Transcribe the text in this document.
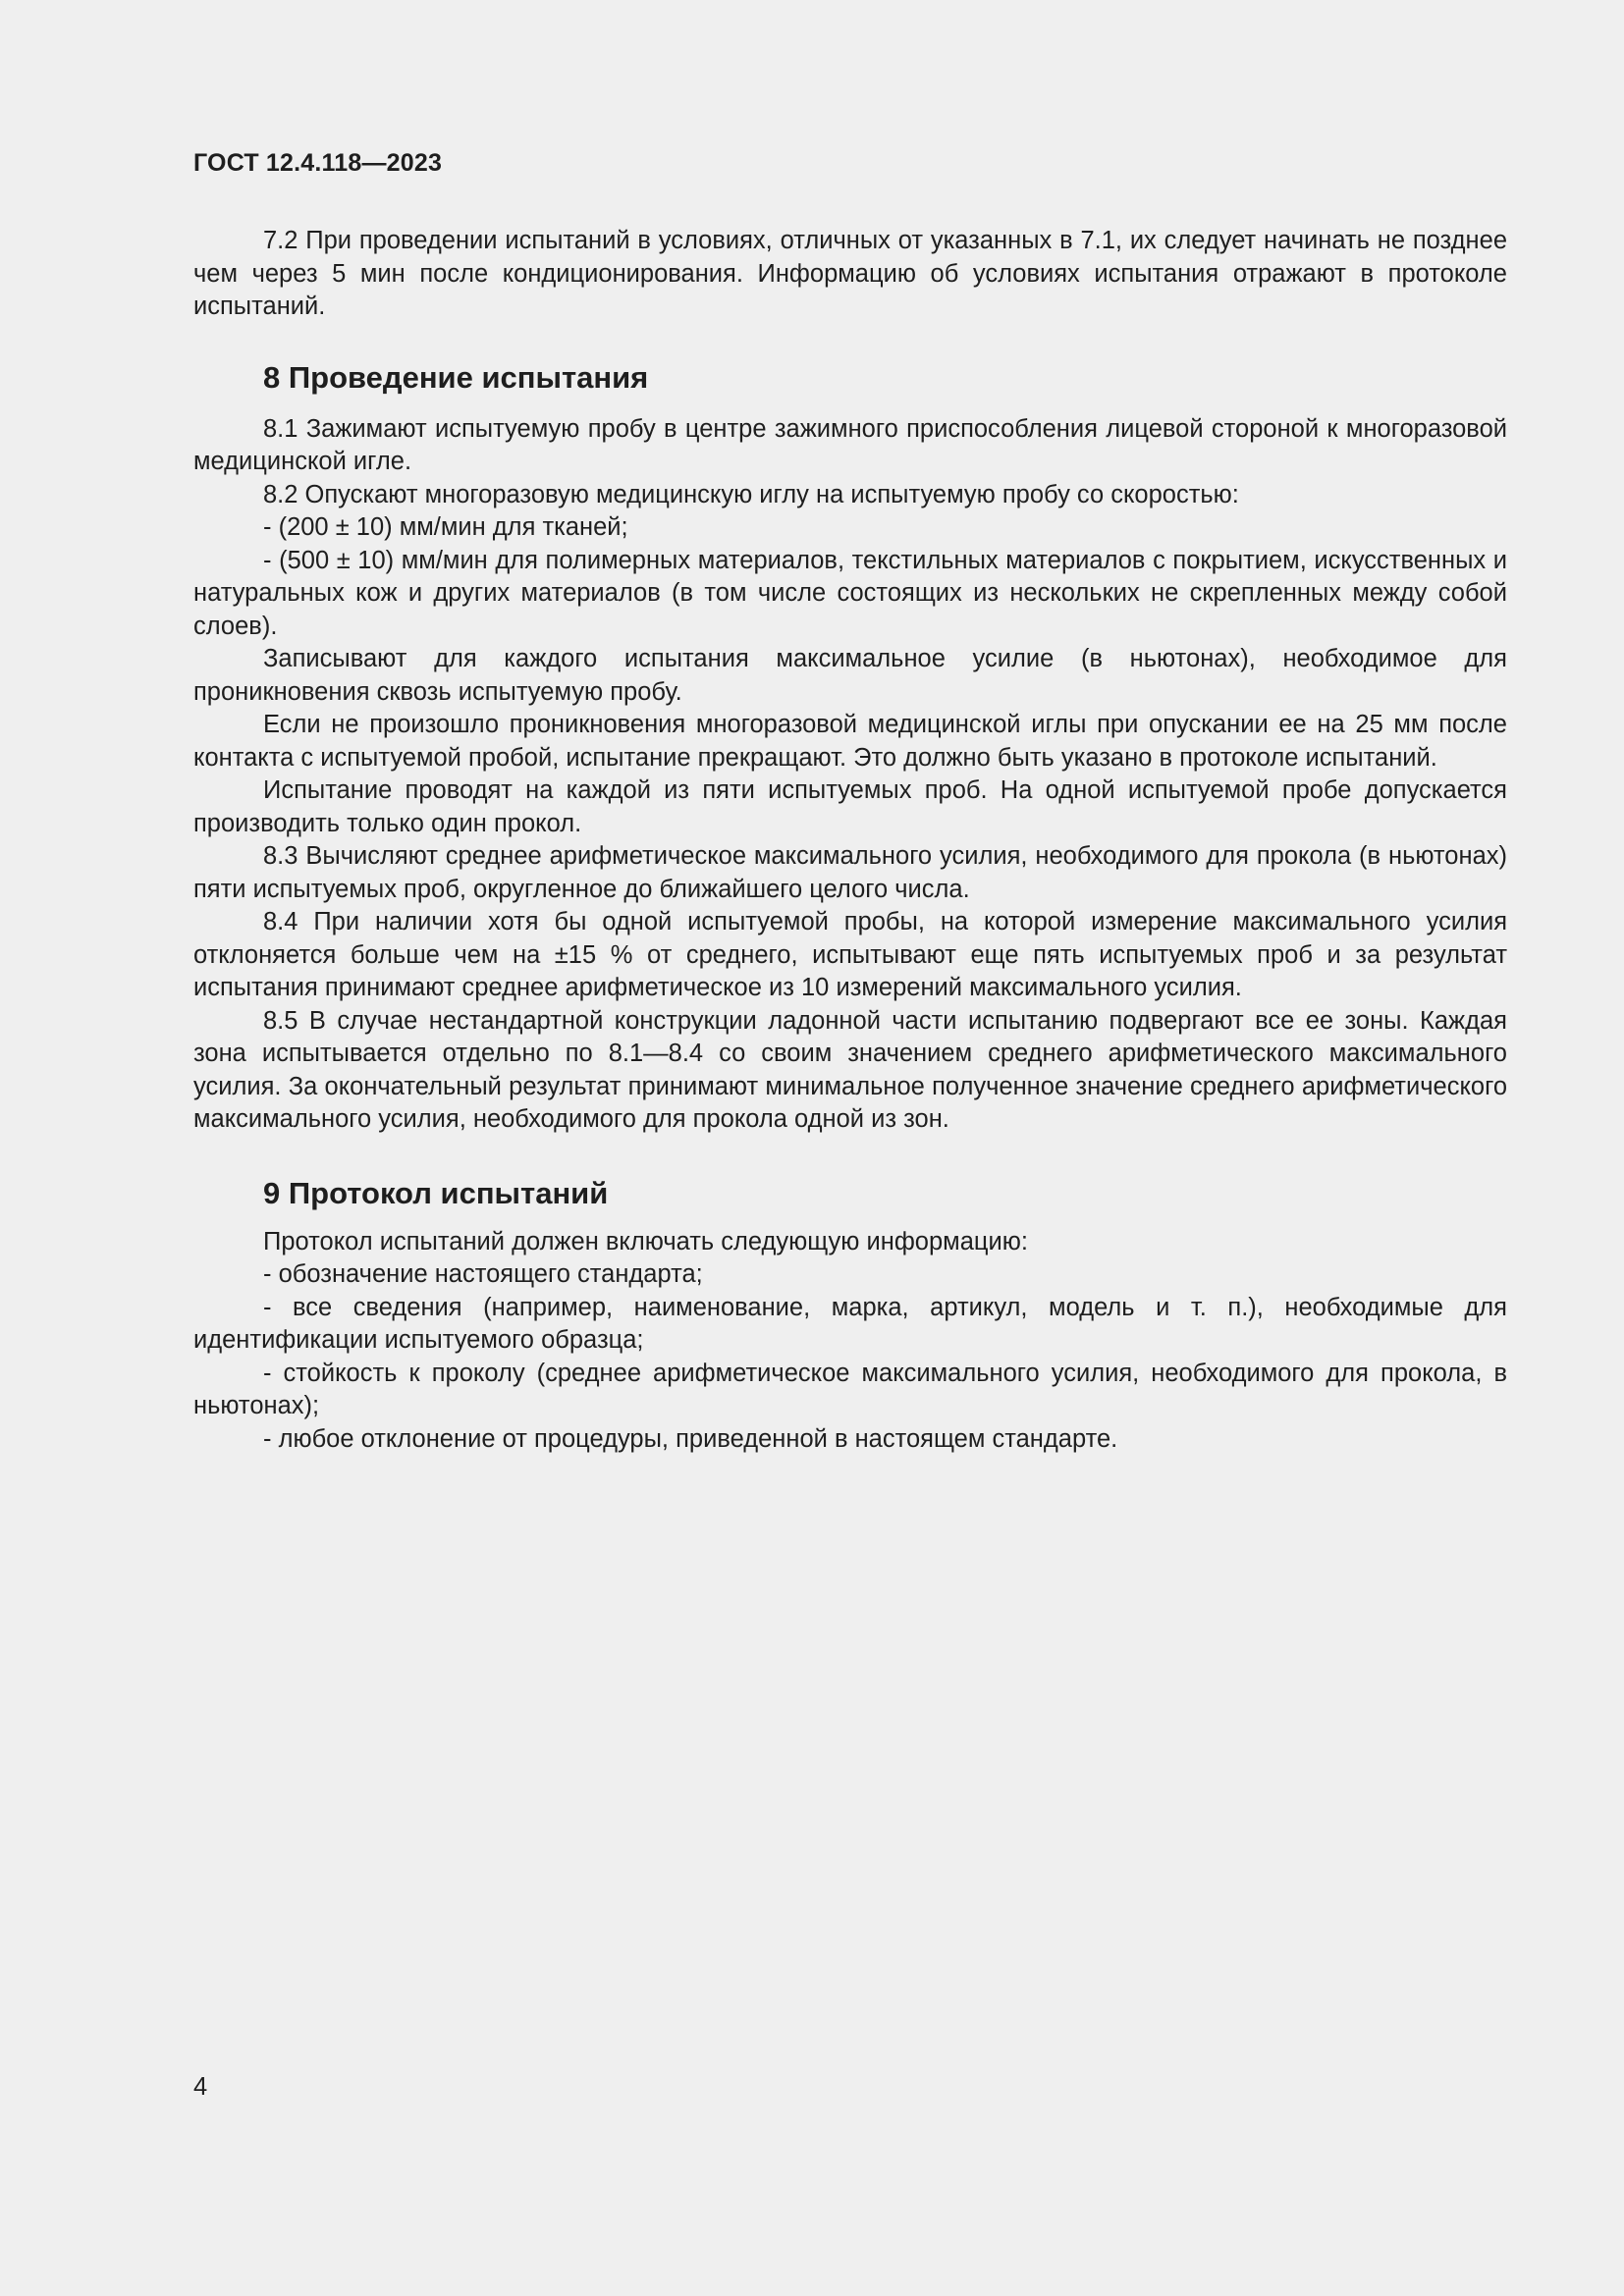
ГОСТ 12.4.118—2023

7.2 При проведении испытаний в условиях, отличных от указанных в 7.1, их следует начинать не позднее чем через 5 мин после кондиционирования. Информацию об условиях испытания отражают в протоколе испытаний.

8 Проведение испытания

8.1 Зажимают испытуемую пробу в центре зажимного приспособления лицевой стороной к многоразовой медицинской игле.

8.2 Опускают многоразовую медицинскую иглу на испытуемую пробу со скоростью:

- (200 ± 10) мм/мин для тканей;

- (500 ± 10) мм/мин для полимерных материалов, текстильных материалов с покрытием, искусственных и натуральных кож и других материалов (в том числе состоящих из нескольких не скрепленных между собой слоев).

Записывают для каждого испытания максимальное усилие (в ньютонах), необходимое для проникновения сквозь испытуемую пробу.

Если не произошло проникновения многоразовой медицинской иглы при опускании ее на 25 мм после контакта с испытуемой пробой, испытание прекращают. Это должно быть указано в протоколе испытаний.

Испытание проводят на каждой из пяти испытуемых проб. На одной испытуемой пробе допускается производить только один прокол.

8.3 Вычисляют среднее арифметическое максимального усилия, необходимого для прокола (в ньютонах) пяти испытуемых проб, округленное до ближайшего целого числа.

8.4 При наличии хотя бы одной испытуемой пробы, на которой измерение максимального усилия отклоняется больше чем на ±15 % от среднего, испытывают еще пять испытуемых проб и за результат испытания принимают среднее арифметическое из 10 измерений максимального усилия.

8.5 В случае нестандартной конструкции ладонной части испытанию подвергают все ее зоны. Каждая зона испытывается отдельно по 8.1—8.4 со своим значением среднего арифметического максимального усилия. За окончательный результат принимают минимальное полученное значение среднего арифметического максимального усилия, необходимого для прокола одной из зон.

9 Протокол испытаний

Протокол испытаний должен включать следующую информацию:

- обозначение настоящего стандарта;

- все сведения (например, наименование, марка, артикул, модель и т. п.), необходимые для идентификации испытуемого образца;

- стойкость к проколу (среднее арифметическое максимального усилия, необходимого для прокола, в ньютонах);

- любое отклонение от процедуры, приведенной в настоящем стандарте.

4
